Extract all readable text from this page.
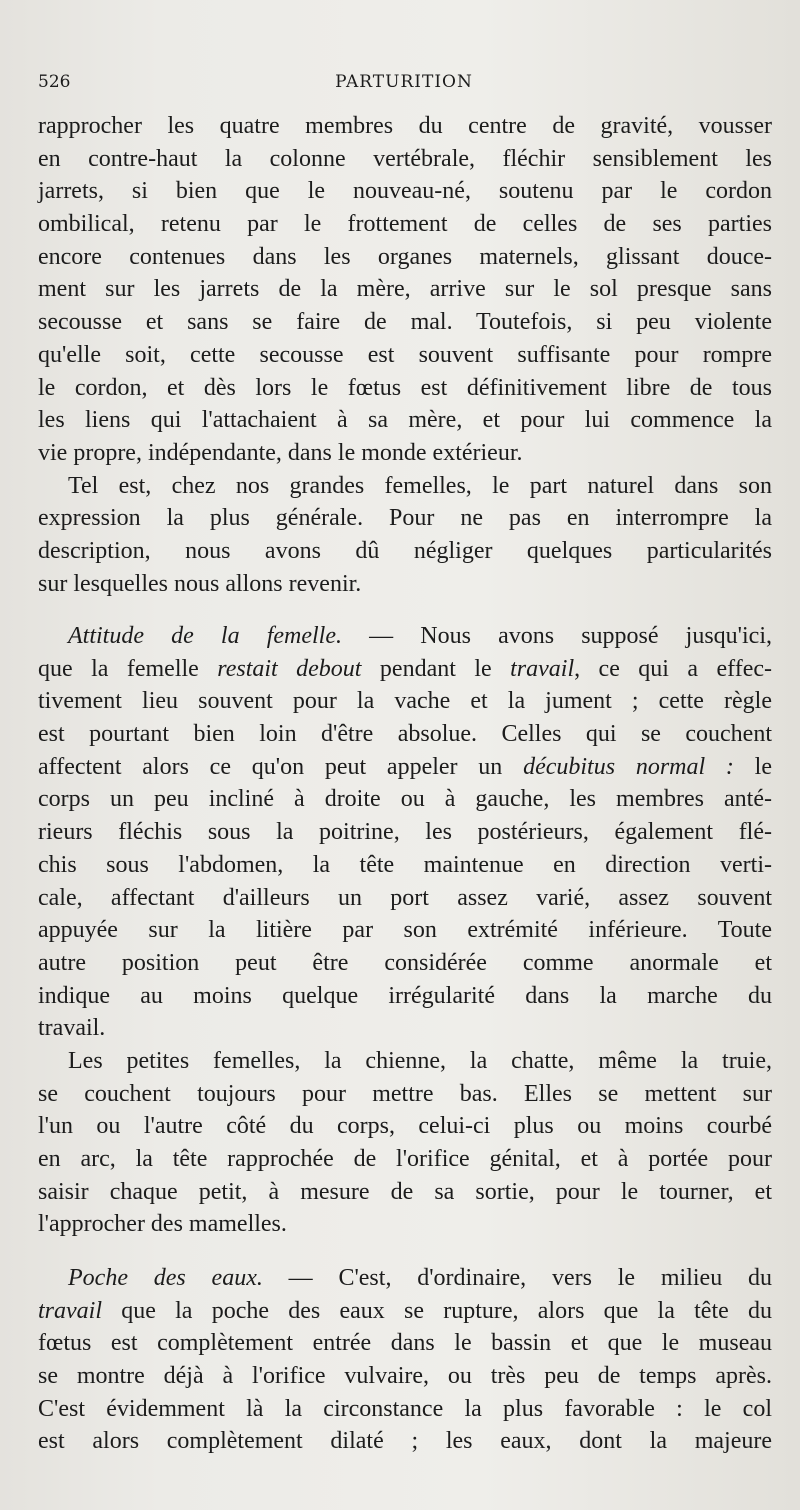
526	PARTURITION

rapprocher les quatre membres du centre de gravité, vousser
en contre-haut la colonne vertébrale, fléchir sensiblement les
jarrets, si bien que le nouveau-né, soutenu par le cordon
ombilical, retenu par le frottement de celles de ses parties
encore contenues dans les organes maternels, glissant douce-
ment sur les jarrets de la mère, arrive sur le sol presque sans
secousse et sans se faire de mal. Toutefois, si peu violente
qu'elle soit, cette secousse est souvent suffisante pour rompre
le cordon, et dès lors le fœtus est définitivement libre de tous
les liens qui l'attachaient à sa mère, et pour lui commence la
vie propre, indépendante, dans le monde extérieur.

Tel est, chez nos grandes femelles, le part naturel dans son
expression la plus générale. Pour ne pas en interrompre la
description, nous avons dû négliger quelques particularités
sur lesquelles nous allons revenir.

Attitude de la femelle. — Nous avons supposé jusqu'ici,
que la femelle restait debout pendant le travail, ce qui a effec-
tivement lieu souvent pour la vache et la jument ; cette règle
est pourtant bien loin d'être absolue. Celles qui se couchent
affectent alors ce qu'on peut appeler un décubitus normal : le
corps un peu incliné à droite ou à gauche, les membres anté-
rieurs fléchis sous la poitrine, les postérieurs, également flé-
chis sous l'abdomen, la tête maintenue en direction verti-
cale, affectant d'ailleurs un port assez varié, assez souvent
appuyée sur la litière par son extrémité inférieure. Toute
autre position peut être considérée comme anormale et
indique au moins quelque irrégularité dans la marche du
travail.

Les petites femelles, la chienne, la chatte, même la truie,
se couchent toujours pour mettre bas. Elles se mettent sur
l'un ou l'autre côté du corps, celui-ci plus ou moins courbé
en arc, la tête rapprochée de l'orifice génital, et à portée pour
saisir chaque petit, à mesure de sa sortie, pour le tourner, et
l'approcher des mamelles.

Poche des eaux. — C'est, d'ordinaire, vers le milieu du
travail que la poche des eaux se rupture, alors que la tête du
fœtus est complètement entrée dans le bassin et que le museau
se montre déjà à l'orifice vulvaire, ou très peu de temps après.
C'est évidemment là la circonstance la plus favorable : le col
est alors complètement dilaté ; les eaux, dont la majeure
